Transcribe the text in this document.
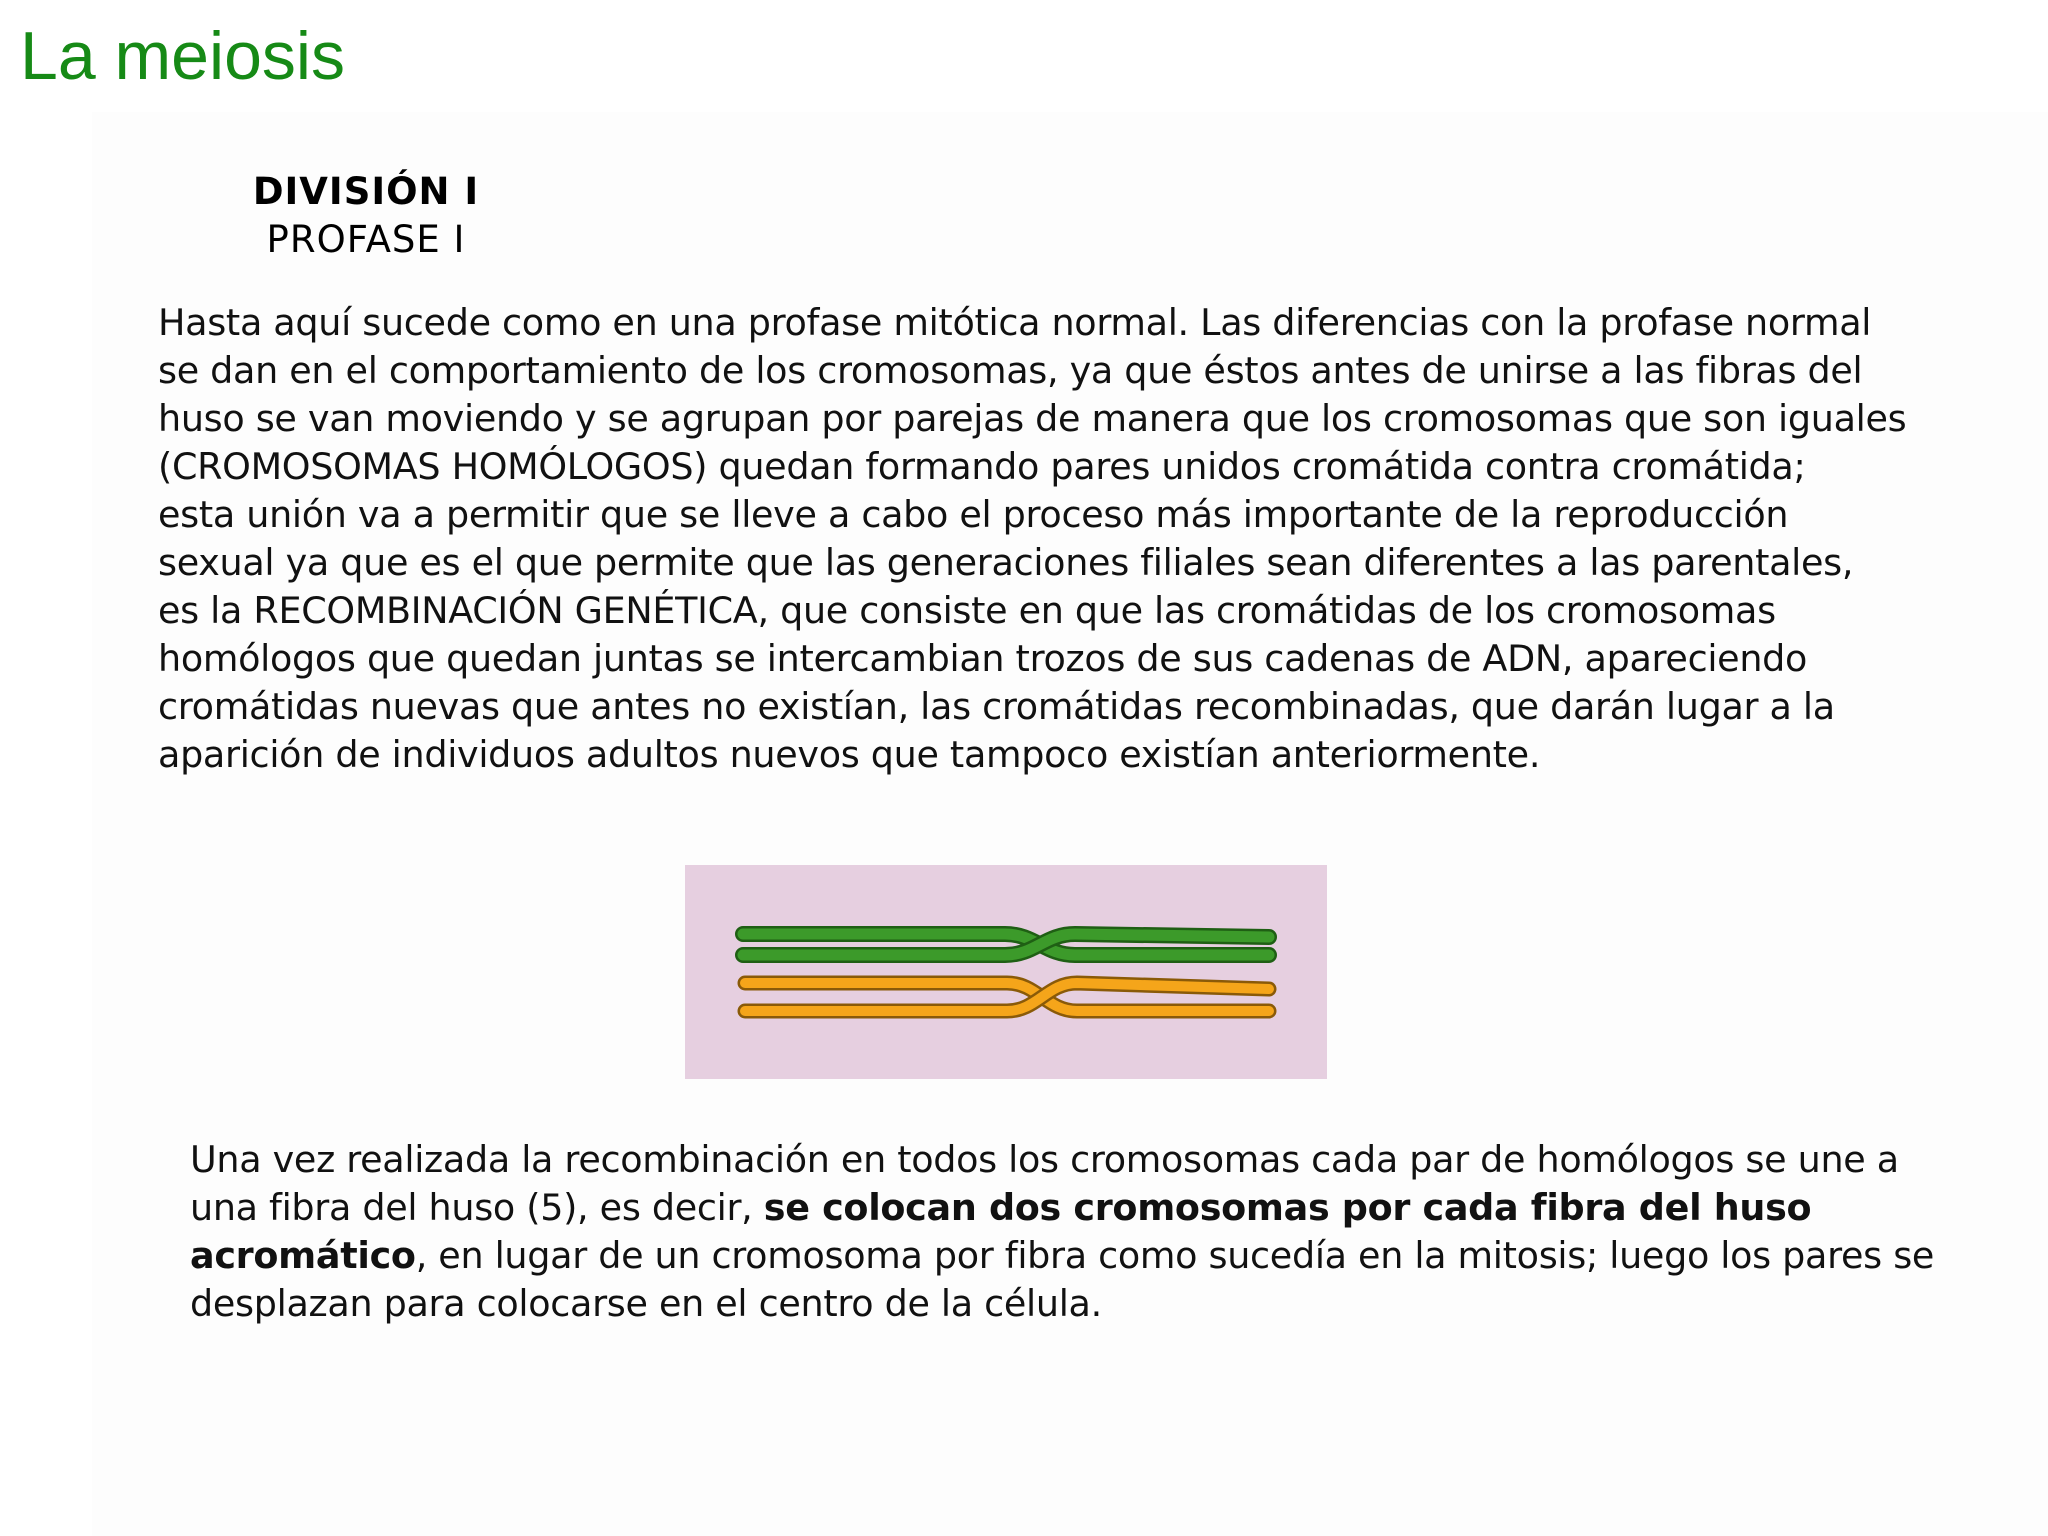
La meiosis
DIVISIÓN I
PROFASE I
Hasta aquí sucede como en una profase mitótica normal. Las diferencias con la profase normal
se dan en el comportamiento de los cromosomas, ya que éstos antes de unirse a las fibras del
huso se van moviendo y se agrupan por parejas de manera que los cromosomas que son iguales
(CROMOSOMAS HOMÓLOGOS) quedan formando pares unidos cromátida contra cromátida;
esta unión va a permitir que se lleve a cabo el proceso más importante de la reproducción
sexual ya que es el que permite que las generaciones filiales sean diferentes a las parentales,
es la RECOMBINACIÓN GENÉTICA, que consiste en que las cromátidas de los cromosomas
homólogos que quedan juntas se intercambian trozos de sus cadenas de ADN, apareciendo
cromátidas nuevas que antes no existían, las cromátidas recombinadas, que darán lugar a la
aparición de individuos adultos nuevos que tampoco existían anteriormente.
Una vez realizada la recombinación en todos los cromosomas cada par de homólogos se une a
una fibra del huso (5), es decir, se colocan dos cromosomas por cada fibra del huso
acromático, en lugar de un cromosoma por fibra como sucedía en la mitosis; luego los pares se
desplazan para colocarse en el centro de la célula.
